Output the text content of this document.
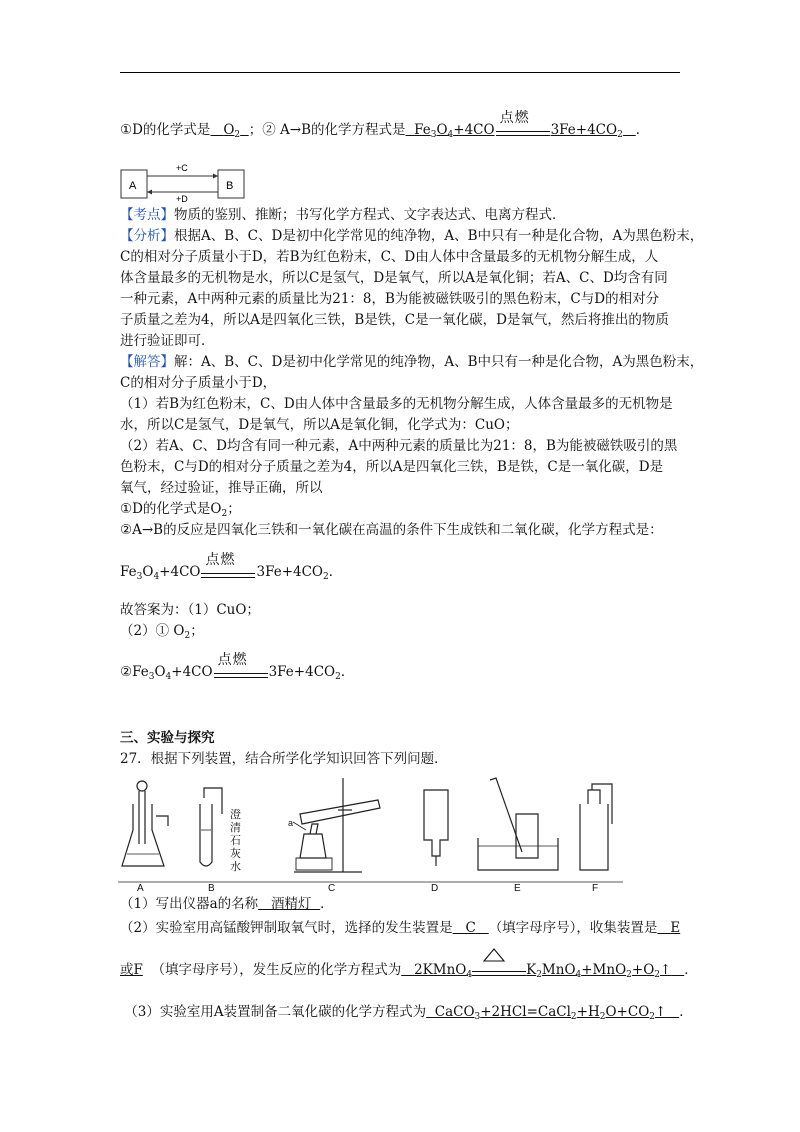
①D的化学式是 $O_2$ ；② A→B的化学方程式是 $Fe_3O_4+4CO$
点燃
$3Fe+4CO_2$ ．
A	B
+C
+D
【考点】物质的鉴别、推断；书写化学方程式、文字表达式、电离方程式．
【分析】根据A、B、C、D是初中化学常见的纯净物，A、B中只有一种是化合物，A为黑色粉末，
C的相对分子质量小于D，若B为红色粉末，C、D由人体中含量最多的无机物分解生成，人
体含量最多的无机物是水，所以C是氢气，D是氧气，所以A是氧化铜；若A、C、D均含有同
一种元素，A中两种元素的质量比为21：8，B为能被磁铁吸引的黑色粉末，C与D的相对分
子质量之差为4，所以A是四氧化三铁，B是铁，C是一氧化碳，D是氧气，然后将推出的物质
进行验证即可．
【解答】解：A、B、C、D是初中化学常见的纯净物，A、B中只有一种是化合物，A为黑色粉末，
C的相对分子质量小于D，
（1）若B为红色粉末，C、D由人体中含量最多的无机物分解生成，人体含量最多的无机物是
水，所以C是氢气，D是氧气，所以A是氧化铜，化学式为：CuO；
（2）若A、C、D均含有同一种元素，A中两种元素的质量比为21：8，B为能被磁铁吸引的黑
色粉末，C与D的相对分子质量之差为4，所以A是四氧化三铁，B是铁，C是一氧化碳，D是
氧气，经过验证，推导正确，所以
①D的化学式是$O_2$；
②A→B的反应是四氧化三铁和一氧化碳在高温的条件下生成铁和二氧化碳，化学方程式是：
$Fe_3O_4+4CO$
点燃
$3Fe+4CO_2$．
故答案为：（1）CuO；
（2）① $O_2$；
$②Fe_3O_4+4CO$
点燃
$3Fe+4CO_2$．
三、实验与探究
27．根据下列装置，结合所学化学知识回答下列问题．
A	B	C	D	E	F
a
澄
清
石
灰
水
（1）写出仪器a的名称 酒精灯 ．
（2）实验室用高锰酸钾制取氧气时，选择的发生装置是 C （填字母序号），收集装置是 E
或F （填字母序号），发生反应的化学方程式为 2KMnO$_4$	$K_2MnO_4+MnO_2+O_2↑$ ．
（3）实验室用A装置制备二氧化碳的化学方程式为 $CaCO_3+2HCl=CaCl_2+H_2O+CO_2↑$ ．
